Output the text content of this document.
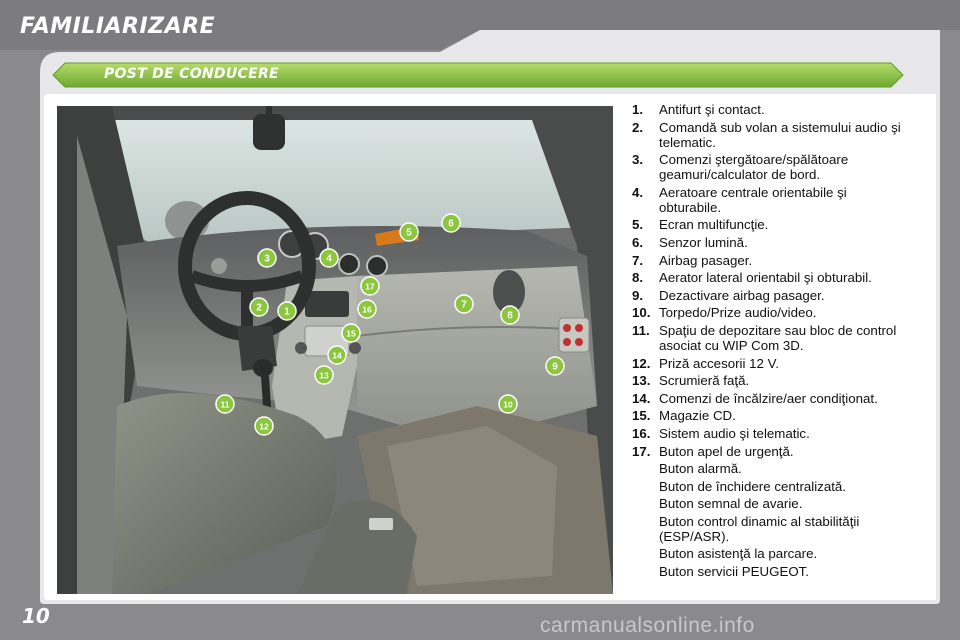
FAMILIARIZARE
POST DE CONDUCERE
1
2
3	4
5
6
7
8
9
10
11
12
13
14
15
16
17
1.	Antifurt şi contact.
2.	Comandă sub volan a sistemului audio şi telematic.
3.	Comenzi ştergătoare/spălătoare geamuri/calculator de bord.
4.	Aeratoare centrale orientabile şi obturabile.
5.	Ecran multifuncţie.
6.	Senzor lumină.
7.	Airbag pasager.
8.	Aerator lateral orientabil şi obturabil.
9.	Dezactivare airbag pasager.
10. Torpedo/Prize audio/video.
11. Spaţiu de depozitare sau bloc de control asociat cu WIP Com 3D.
12. Priză accesorii 12 V.
13. Scrumieră faţă.
14. Comenzi de încălzire/aer condiţionat.
15. Magazie CD.
16. Sistem audio şi telematic.
17. Buton apel de urgenţă.
Buton alarmă.
Buton de închidere centralizată.
Buton semnal de avarie.
Buton control dinamic al stabilităţii (ESP/ASR).
Buton asistenţă la parcare.
Buton servicii PEUGEOT.
10	carmanualsonline.info
